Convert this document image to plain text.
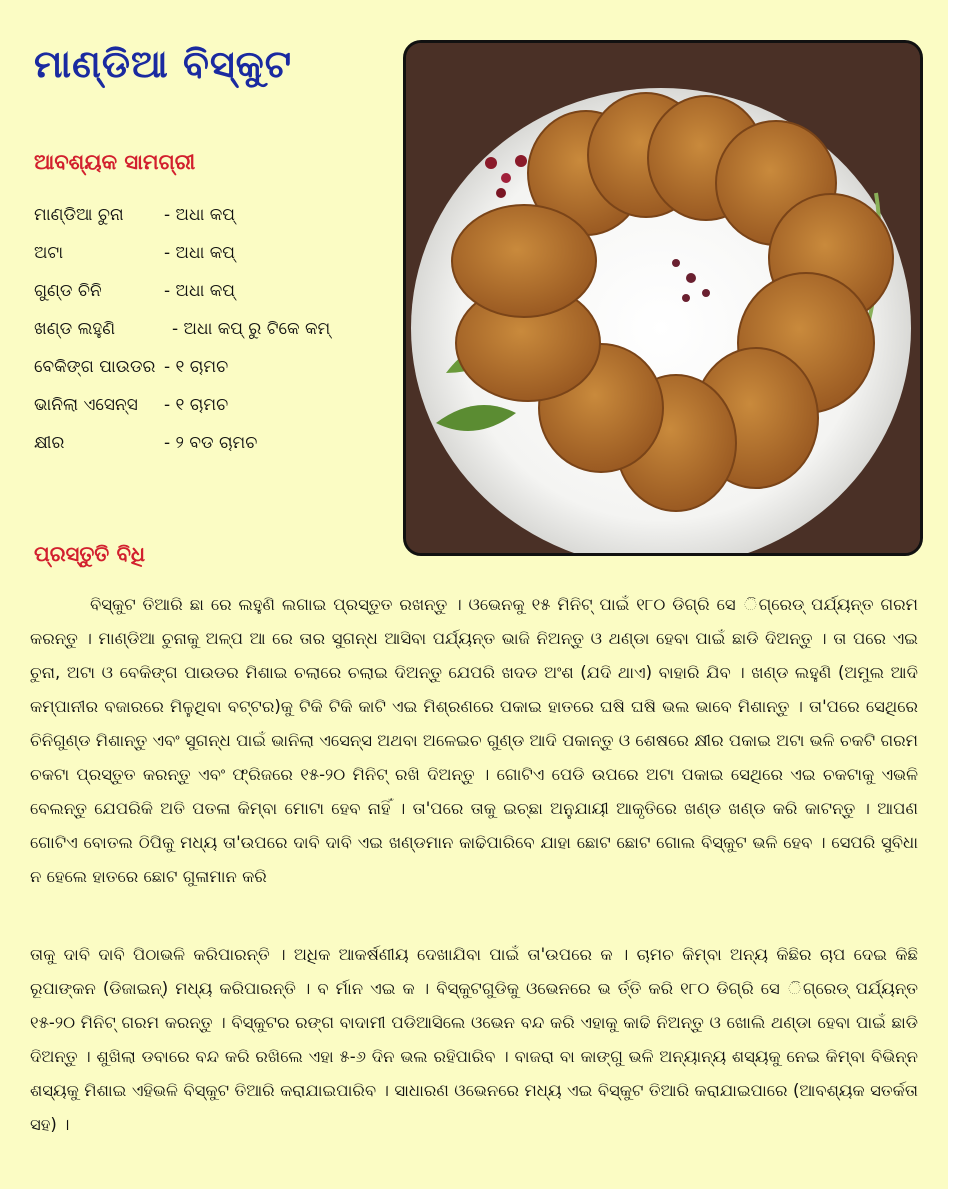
ମାଣ୍ଡିଆ ବିସ୍କୁଟ
ଆବଶ୍ୟକ ସାମଗ୍ରୀ
ମାଣ୍ଡିଆ ଚୁନା	- ଅଧା କପ୍
ଅଟା	- ଅଧା କପ୍
ଗୁଣ୍ଡ ଚିନି	- ଅଧା କପ୍
ଖଣ୍ଡ ଲହୁଣି	- ଅଧା କପ୍ ରୁ ଟିକେ କମ୍
ବେକିଙ୍ଗ ପାଉଡର - ୧ ଚାମଚ
ଭାନିଲା ଏସେନ୍ସ	- ୧ ଚାମଚ
କ୍ଷୀର	- ୨ ବଡ ଚାମଚ
ପ୍ରସ୍ତୁତି ବିଧି

ବିସ୍କୁଟ ତିଆରି ଛା ରେ ଲହୁଣି ଲଗାଇ ପ୍ରସ୍ତୁତ ରଖନ୍ତୁ । ଓଭେନକୁ ୧୫ ମିନିଟ୍ ପାଇଁ ୧୮୦ ଡିଗ୍ରି ସେ ିଗ୍ରେଡ୍ ପର୍ଯ୍ୟନ୍ତ ଗରମ କରନ୍ତୁ । ମାଣ୍ଡିଆ ଚୁନାକୁ ଅଳ୍ପ ଆ ରେ ତାର ସୁଗନ୍ଧ ଆସିବା ପର୍ଯ୍ୟନ୍ତ ଭାଜି ନିଅନ୍ତୁ ଓ ଥଣ୍ଡା ହେବା ପାଇଁ ଛାଡି ଦିଅନ୍ତୁ । ତା ପରେ ଏଇ ଚୁନା, ଅଟା ଓ ବେକିଙ୍ଗ ପାଉଡର ମିଶାଇ ଚଲାରେ ଚଲାଇ ଦିଅନ୍ତୁ ଯେପରି ଖଦଡ ଅଂଶ (ଯଦି ଥାଏ) ବାହାରି ଯିବ । ଖଣ୍ଡ ଲହୁଣି (ଅମୁଲ ଆଦି କମ୍ପାନୀର ବଜାରରେ ମିଳୁଥିବା ବଟ୍ଟର)କୁ ଟିକି ଟିକି କାଟି ଏଇ ମିଶ୍ରଣରେ ପକାଇ ହାତରେ ଘଷି ଘଷି ଭଲ ଭାବେ ମିଶାନ୍ତୁ । ତା'ପରେ ସେଥିରେ ଚିନିଗୁଣ୍ଡ ମିଶାନ୍ତୁ ଏବଂ ସୁଗନ୍ଧ ପାଇଁ ଭାନିଲା ଏସେନ୍ସ ଅଥବା ଅଳେଇଚ ଗୁଣ୍ଡ ଆଦି ପକାନ୍ତୁ ଓ ଶେଷରେ କ୍ଷୀର ପକାଇ ଅଟା ଭଳି ଚକଟି ଗରମ ଚକଟା ପ୍ରସ୍ତୁତ କରନ୍ତୁ ଏବଂ ଫ୍ରିଜରେ ୧୫-୨୦ ମିନିଟ୍ ରଖି ଦିଅନ୍ତୁ । ଗୋଟିଏ ପେଡି ଉପରେ ଅଟା ପକାଇ ସେଥିରେ ଏଇ ଚକଟାକୁ ଏଭଳି ବେଲନ୍ତୁ ଯେପରିକି ଅତି ପତଳା କିମ୍ବା ମୋଟା ହେବ ନାହିଁ । ତା'ପରେ ତାକୁ ଇଚ୍ଛା ଅନୁଯାୟୀ ଆକୃତିରେ ଖଣ୍ଡ ଖଣ୍ଡ କରି କାଟନ୍ତୁ । ଆପଣ ଗୋଟିଏ ବୋତଲ ଠିପିକୁ ମଧ୍ୟ ତା'ଉପରେ ଦାବି ଦାବି ଏଇ ଖଣ୍ଡମାନ କାଢିପାରିବେ ଯାହା ଛୋଟ ଛୋଟ ଗୋଲ ବିସ୍କୁଟ ଭଳି ହେବ । ସେପରି ସୁବିଧା ନ ହେଲେ ହାତରେ ଛୋଟ ଗୁଳାମାନ କରି

ତାକୁ ଦାବି ଦାବି ପିଠାଭଳି କରିପାରନ୍ତି । ଅଧିକ ଆକର୍ଷଣୀୟ ଦେଖାଯିବା ପାଇଁ ତା'ଉପରେ କ । ଚାମଚ କିମ୍ବା ଅନ୍ୟ କିଛିର ଚାପ ଦେଇ କିଛି ରୂପାଙ୍କନ (ଡିଜାଇନ୍) ମଧ୍ୟ କରିପାରନ୍ତି । ବ ର୍ମାନ ଏଇ କ । ବିସ୍କୁଟଗୁଡିକୁ ଓଭେନରେ ଭ ର୍ତ୍ତି କରି ୧୮୦ ଡିଗ୍ରି ସେ ିଗ୍ରେଡ୍ ପର୍ଯ୍ୟନ୍ତ ୧୫-୨୦ ମିନିଟ୍ ଗରମ କରନ୍ତୁ । ବିସ୍କୁଟର ରଙ୍ଗ ବାଦାମୀ ପଡିଆସିଲେ ଓଭେନ ବନ୍ଦ କରି ଏହାକୁ କାଢି ନିଅନ୍ତୁ ଓ ଖୋଲି ଥଣ୍ଡା ହେବା ପାଇଁ ଛାଡି ଦିଅନ୍ତୁ । ଶୁଖିଲା ଡବାରେ ବନ୍ଦ କରି ରଖିଲେ ଏହା ୫-୬ ଦିନ ଭଲ ରହିପାରିବ । ବାଜରା ବା କାଙ୍ଗୁ ଭଳି ଅନ୍ୟାନ୍ୟ ଶସ୍ୟକୁ ନେଇ କିମ୍ବା ବିଭିନ୍ନ ଶସ୍ୟକୁ ମିଶାଇ ଏହିଭଳି ବିସ୍କୁଟ ତିଆରି କରାଯାଇପାରିବ । ସାଧାରଣ ଓଭେନରେ ମଧ୍ୟ ଏଇ ବିସ୍କୁଟ ତିଆରି କରାଯାଇପାରେ (ଆବଶ୍ୟକ ସତର୍କତା ସହ) ।
